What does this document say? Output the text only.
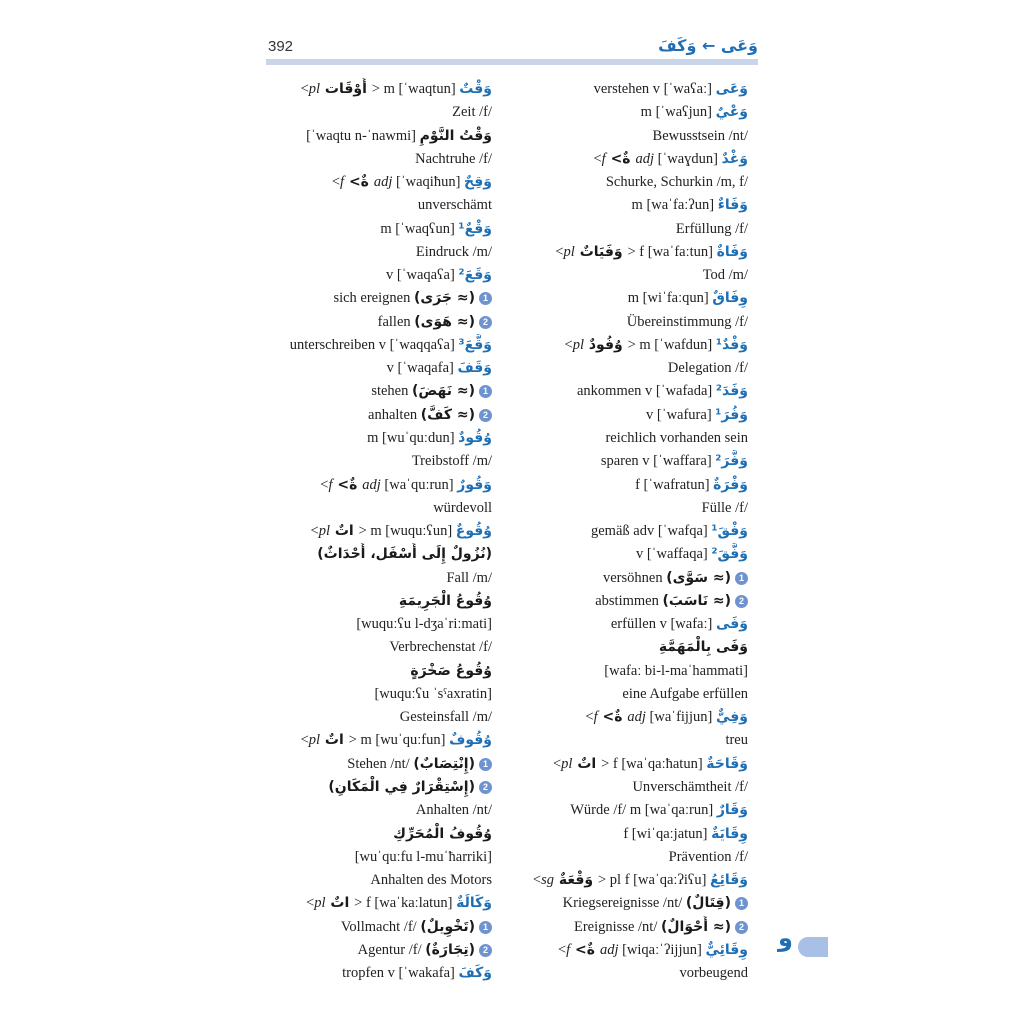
392	وَعَى ← وَكَفَ
<pl أَوْقَات > m [ˈwaqtun] وَقْتٌ
Zeit /f/
[ˈwaqtu n-ˈnawmi] وَقْتُ النَّوْمِ
Nachtruhe /f/
<f ةٌ> adj [ˈwaqiħun] وَقِحٌ
unverschämt
m [ˈwaqʕun] وَقْعٌ¹
Eindruck /m/
v [ˈwaqaʕa] وَقَعَ²
sich ereignen (≈ جَرَى) 1
fallen (≈ هَوَى) 2
unterschreiben v [ˈwaqqaʕa] وَقَّعَ³
v [ˈwaqafa] وَقَفَ
stehen (≈ نَهَضَ) 1
anhalten (≈ كَفَّ) 2
m [wuˈquːdun] وُقُودٌ
Treibstoff /m/
<f ةٌ> adj [waˈquːrun] وَقُورٌ
würdevoll
<pl اتٌ > m [wuquːʕun] وُقُوعٌ
(نُزُولٌ إِلَى أَسْفَل، أَحْدَاثٌ)
Fall /m/
وُقُوعُ الْجَرِيمَةِ
[wuquːʕu l-dʒaˈriːmati]
Verbrechenstat /f/
وُقُوعُ صَخْرَةٍ
[wuquːʕu ˈsˤaxratin]
Gesteinsfall /m/
<pl اتٌ > m [wuˈquːfun] وُقُوفٌ
Stehen /nt/ (إِنْتِصَابٌ) 1
(إِسْتِقْرَارٌ فِي الْمَكَانِ) 2
Anhalten /nt/
وُقُوفُ الْمُحَرِّكِ
[wuˈquːfu l-muˈħarriki]
Anhalten des Motors
<pl اتٌ > f [waˈkaːlatun] وَكَالَةٌ
Vollmacht /f/ (تَخْوِيلٌ) 1
Agentur /f/ (تِجَارَةٌ) 2
tropfen v [ˈwakafa] وَكَفَ
verstehen v [ˈwaʕaː] وَعَى
m [ˈwaʕjun] وَعْيٌ
Bewusstsein /nt/
<f ةٌ> adj [ˈwaɣdun] وَغْدٌ
Schurke, Schurkin /m, f/
m [waˈfaːʔun] وَفَاءٌ
Erfüllung /f/
<pl وَفَيَاتٌ > f [waˈfaːtun] وَفَاةٌ
Tod /m/
m [wiˈfaːqun] وِفَاقٌ
Übereinstimmung /f/
<pl وُفُودٌ > m [ˈwafdun] وَفْدٌ¹
Delegation /f/
ankommen v [ˈwafada] وَفَدَ²
v [ˈwafura] وَفُرَ¹
reichlich vorhanden sein
sparen v [ˈwaffara] وَفَّرَ²
f [ˈwafratun] وَفْرَةٌ
Fülle /f/
gemäß adv [ˈwafqa] وَفْقَ¹
v [ˈwaffaqa] وَفَّقَ²
versöhnen (≈ سَوَّى) 1
abstimmen (≈ نَاسَبَ) 2
erfüllen v [wafaː] وَفَى
وَفَى بِالْمَهَمَّةِ
[wafaː bi-l-maˈhammati]
eine Aufgabe erfüllen
<f ةٌ> adj [waˈfijjun] وَفِيٌّ
treu
<pl اتٌ > f [waˈqaːħatun] وَقَاحَةٌ
Unverschämtheit /f/
Würde /f/ m [waˈqaːrun] وَقَارٌ
f [wiˈqaːjatun] وِقَايَةٌ
Prävention /f/
<sg وَقْعَةٌ > pl f [waˈqaːʔiʕu] وَقَائِعُ
Kriegsereignisse /nt/ (قِتَالٌ) 1
Ereignisse /nt/ (≈ أَحْوَالٌ) 2
<f ةٌ> adj [wiqaːˈʔijjun] وِقَائِيٌّ
vorbeugend
و
